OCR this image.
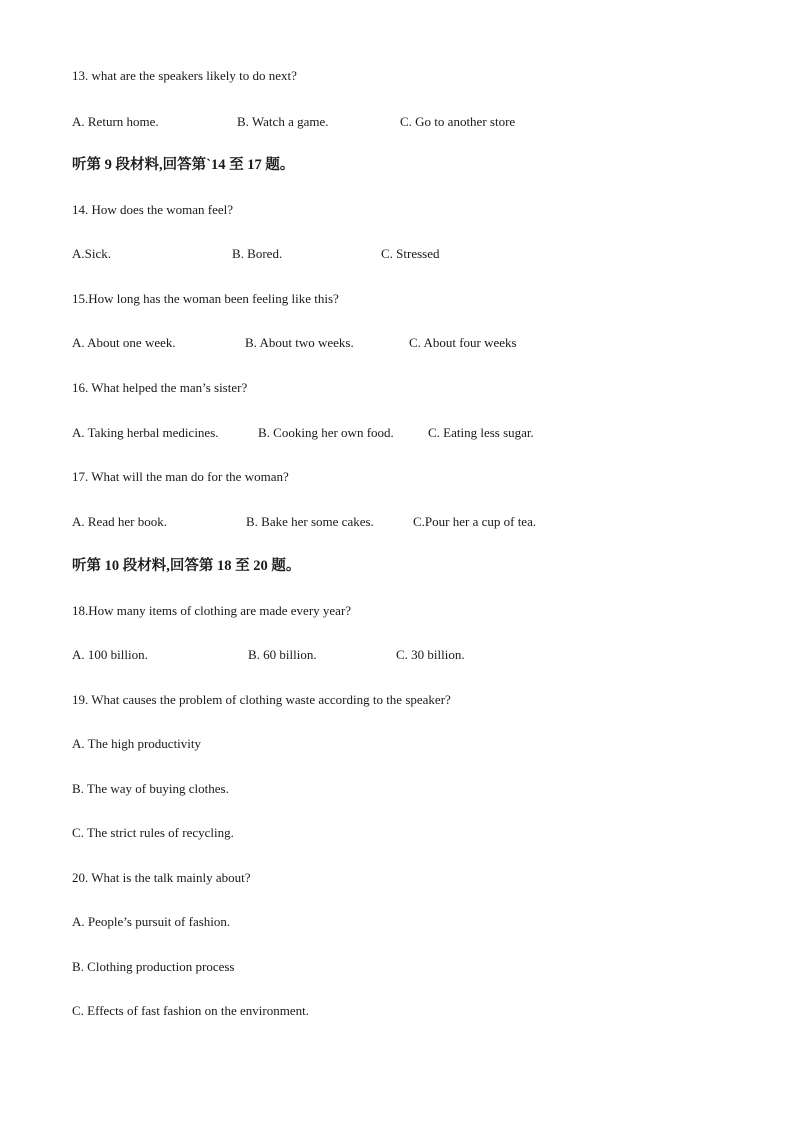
13. what are the speakers likely to do next?
A. Return home.	B. Watch a game.	C. Go to another store
听第 9 段材料,回答第`14 至 17 题。
14. How does the woman feel?
A.Sick.	B. Bored.	C. Stressed
15.How long has the woman been feeling like this?
A. About one week.	B. About two weeks.	C. About four weeks
16. What helped the man’s sister?
A. Taking herbal medicines.	B. Cooking her own food.	C. Eating less sugar.
17. What will the man do for the woman?
A. Read her book.	B. Bake her some cakes.	C.Pour her a cup of tea.
听第 10 段材料,回答第 18 至 20 题。
18.How many items of clothing are made every year?
A. 100 billion.	B. 60 billion.	C. 30 billion.
19. What causes the problem of clothing waste according to the speaker?
A. The high productivity
B. The way of buying clothes.
C. The strict rules of recycling.
20. What is the talk mainly about?
A. People’s pursuit of fashion.
B. Clothing production process
C. Effects of fast fashion on the environment.
